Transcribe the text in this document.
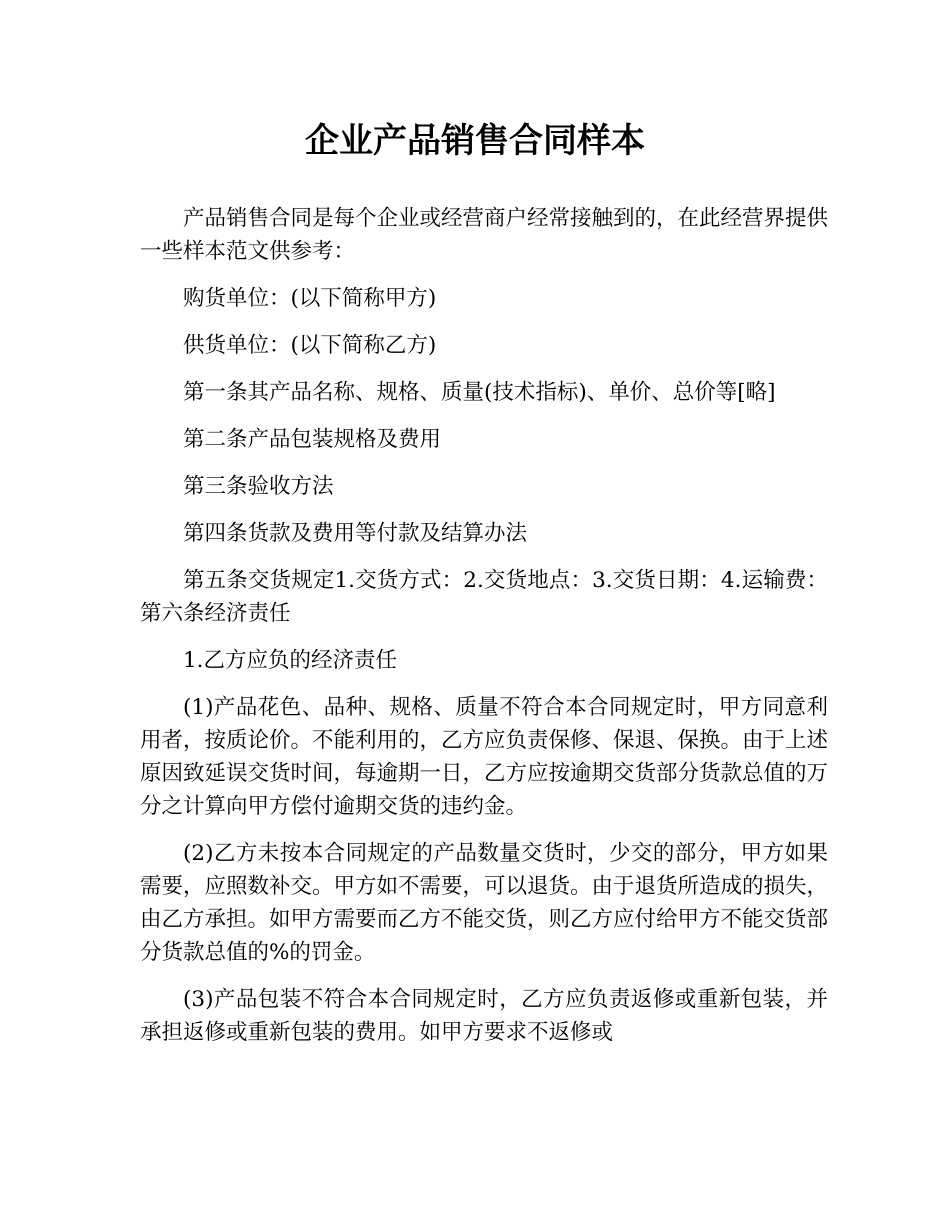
企业产品销售合同样本

产品销售合同是每个企业或经营商户经常接触到的，在此经营界提供一些样本范文供参考：

购货单位：(以下简称甲方)

供货单位：(以下简称乙方)

第一条其产品名称、规格、质量(技术指标)、单价、总价等[略]

第二条产品包装规格及费用

第三条验收方法

第四条货款及费用等付款及结算办法

第五条交货规定1.交货方式：2.交货地点：3.交货日期：4.运输费：第六条经济责任

1.乙方应负的经济责任

(1)产品花色、品种、规格、质量不符合本合同规定时，甲方同意利用者，按质论价。不能利用的，乙方应负责保修、保退、保换。由于上述原因致延误交货时间，每逾期一日，乙方应按逾期交货部分货款总值的万分之计算向甲方偿付逾期交货的违约金。

(2)乙方未按本合同规定的产品数量交货时，少交的部分，甲方如果需要，应照数补交。甲方如不需要，可以退货。由于退货所造成的损失，由乙方承担。如甲方需要而乙方不能交货，则乙方应付给甲方不能交货部分货款总值的%的罚金。

(3)产品包装不符合本合同规定时，乙方应负责返修或重新包装，并承担返修或重新包装的费用。如甲方要求不返修或
